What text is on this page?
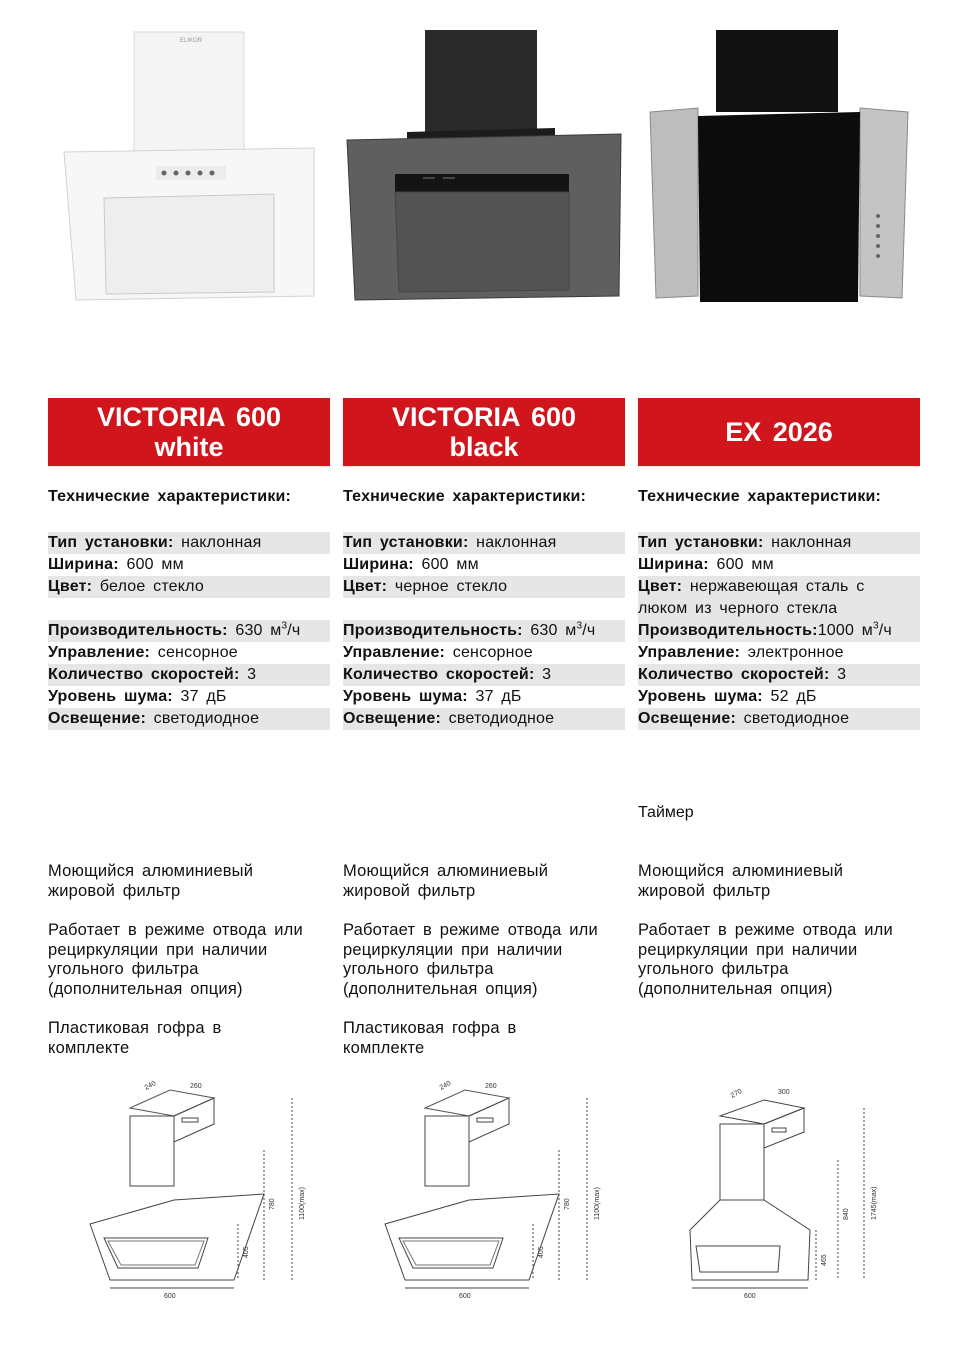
ELIKOR
VICTORIA 600
white
Технические характеристики:
Тип установки: наклонная
Ширина: 600 мм
Цвет: белое стекло
Производительность: 630 $м^3/ч$
Управление: сенсорное
Количество скоростей: 3
Уровень шума: 37 дБ
Освещение: светодиодное

Моющийся алюминиевый жировой фильтр

Работает в режиме отвода или рециркуляции при наличии угольного фильтра (дополнительная опция)

Пластиковая гофра в комплекте

240	260
780	1100(max)
405
600
VICTORIA 600
black
Технические характеристики:
Тип установки: наклонная
Ширина: 600 мм
Цвет: черное стекло
Производительность: 630 $м^3/ч$
Управление: сенсорное
Количество скоростей: 3
Уровень шума: 37 дБ
Освещение: светодиодное

Моющийся алюминиевый жировой фильтр

Работает в режиме отвода или рециркуляции при наличии угольного фильтра (дополнительная опция)

Пластиковая гофра в комплекте

240	260
780	1100(max)
405
600
EX 2026
Технические характеристики:
Тип установки: наклонная
Ширина: 600 мм
Цвет: нержавеющая сталь с люком из черного стекла
Производительность:1000 $м^3/ч$
Управление: электронное
Количество скоростей: 3
Уровень шума: 52 дБ
Освещение: светодиодное
Таймер

Моющийся алюминиевый жировой фильтр

Работает в режиме отвода или рециркуляции при наличии угольного фильтра (дополнительная опция)

270	300
840	1745(max)
465
600
